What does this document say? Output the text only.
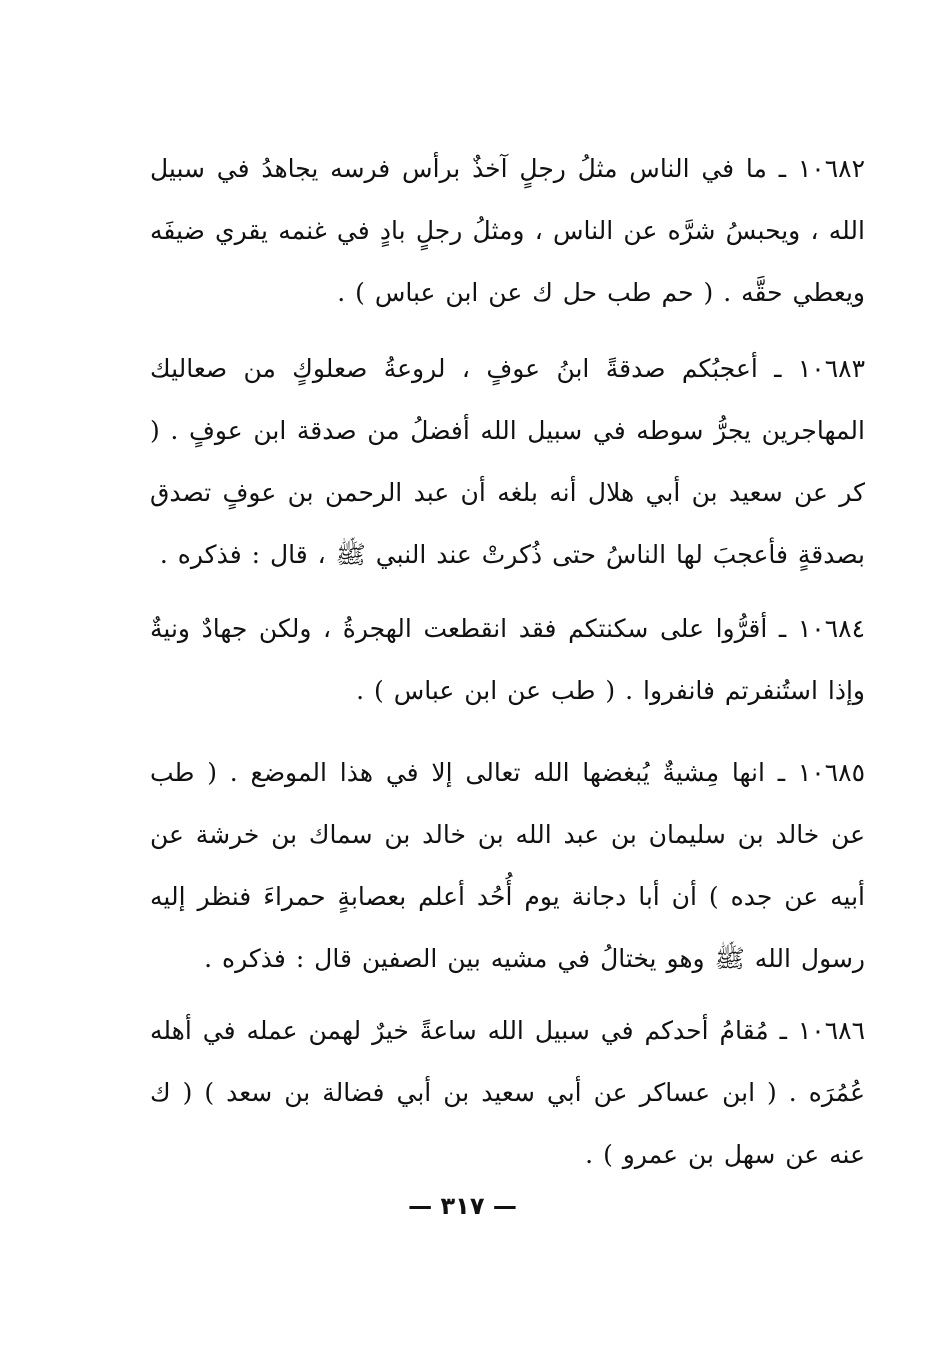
١٠٦٨٢ ـ ما في الناس مثلُ رجلٍ آخذٌ برأس فرسه يجاهدُ في سبيل الله ، ويحبسُ شرَّه عن الناس ، ومثلُ رجلٍ بادٍ في غنمه يقري ضيفَه ويعطي حقَّه . ( حم طب حل ك عن ابن عباس ) .

١٠٦٨٣ ـ أعجبُكم صدقةً ابنُ عوفٍ ، لروعةُ صعلوكٍ من صعاليك المهاجرين يجرُّ سوطه في سبيل الله أفضلُ من صدقة ابن عوفٍ . ( كر عن سعيد بن أبي هلال أنه بلغه أن عبد الرحمن بن عوفٍ تصدق بصدقةٍ فأعجبَ لها الناسُ حتى ذُكرتْ عند النبي ﷺ ، قال : فذكره .

١٠٦٨٤ ـ أقرُّوا على سكنتكم فقد انقطعت الهجرةُ ، ولكن جهادٌ ونيةٌ وإذا استُنفرتم فانفروا . ( طب عن ابن عباس ) .

١٠٦٨٥ ـ انها مِشيةٌ يُبغضها الله تعالى إلا في هذا الموضع . ( طب عن خالد بن سليمان بن عبد الله بن خالد بن سماك بن خرشة عن أبيه عن جده ) أن أبا دجانة يوم أُحُد أعلم بعصابةٍ حمراءَ فنظر إليه رسول الله ﷺ وهو يختالُ في مشيه بين الصفين قال : فذكره .

١٠٦٨٦ ـ مُقامُ أحدكم في سبيل الله ساعةً خيرٌ لهمن عمله في أهله عُمُرَه . ( ابن عساكر عن أبي سعيد بن أبي فضالة بن سعد ) ( ك عنه عن سهل بن عمرو ) .

— ٣١٧ —
